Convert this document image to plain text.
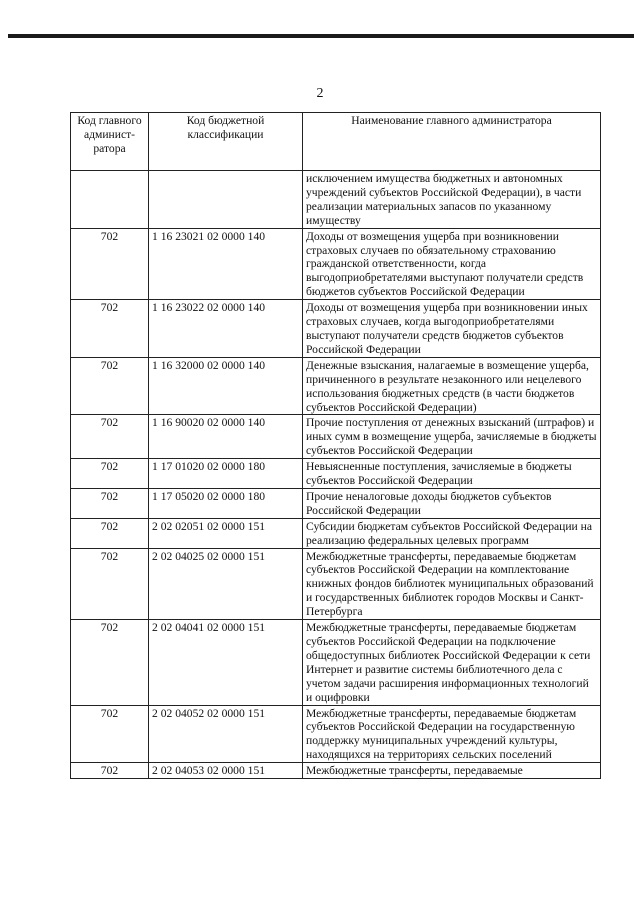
2
Код главного админист-ратора	Код бюджетной классификации	Наименование главного администратора
		исключением имущества бюджетных и автономных учреждений субъектов Российской Федерации), в части реализации материальных запасов по указанному имуществу
702	1 16 23021 02 0000 140	Доходы от возмещения ущерба при возникновении страховых случаев по обязательному страхованию гражданской ответственности, когда выгодоприобретателями выступают получатели средств бюджетов субъектов Российской Федерации
702	1 16 23022 02 0000 140	Доходы от возмещения ущерба при возникновении иных страховых случаев, когда выгодоприобретателями выступают получатели средств бюджетов субъектов Российской Федерации
702	1 16 32000 02 0000 140	Денежные взыскания, налагаемые в возмещение ущерба, причиненного в результате незаконного или нецелевого использования бюджетных средств (в части бюджетов субъектов Российской Федерации)
702	1 16 90020 02 0000 140	Прочие поступления от денежных взысканий (штрафов) и иных сумм в возмещение ущерба, зачисляемые в бюджеты субъектов Российской Федерации
702	1 17 01020 02 0000 180	Невыясненные поступления, зачисляемые в бюджеты субъектов Российской Федерации
702	1 17 05020 02 0000 180	Прочие неналоговые доходы бюджетов субъектов Российской Федерации
702	2 02 02051 02 0000 151	Субсидии бюджетам субъектов Российской Федерации на реализацию федеральных целевых программ
702	2 02 04025 02 0000 151	Межбюджетные трансферты, передаваемые бюджетам субъектов Российской Федерации на комплектование книжных фондов библиотек муниципальных образований и государственных библиотек городов Москвы и Санкт-Петербурга
702	2 02 04041 02 0000 151	Межбюджетные трансферты, передаваемые бюджетам субъектов Российской Федерации на подключение общедоступных библиотек Российской Федерации к сети Интернет и развитие системы библиотечного дела с учетом задачи расширения информационных технологий и оцифровки
702	2 02 04052 02 0000 151	Межбюджетные трансферты, передаваемые бюджетам субъектов Российской Федерации на государственную поддержку муниципальных учреждений культуры, находящихся на территориях сельских поселений
702	2 02 04053 02 0000 151	Межбюджетные трансферты, передаваемые
